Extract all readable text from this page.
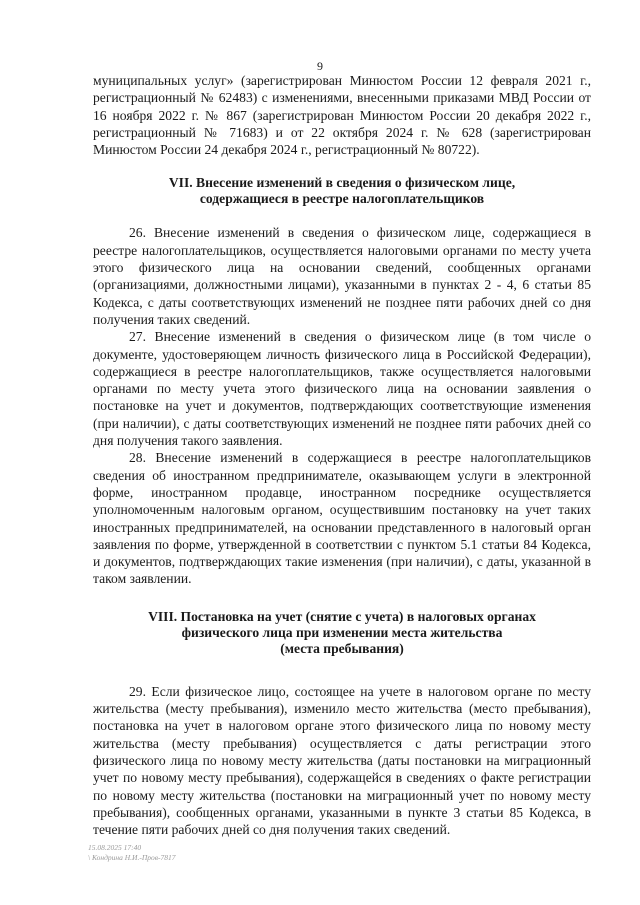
9

муниципальных услуг» (зарегистрирован Минюстом России 12 февраля 2021 г., регистрационный № 62483) с изменениями, внесенными приказами МВД России от 16 ноября 2022 г. № 867 (зарегистрирован Минюстом России 20 декабря 2022 г., регистрационный № 71683) и от 22 октября 2024 г. № 628 (зарегистрирован Минюстом России 24 декабря 2024 г., регистрационный № 80722).

VII. Внесение изменений в сведения о физическом лице,
содержащиеся в реестре налогоплательщиков

26. Внесение изменений в сведения о физическом лице, содержащиеся в реестре налогоплательщиков, осуществляется налоговыми органами по месту учета этого физического лица на основании сведений, сообщенных органами (организациями, должностными лицами), указанными в пунктах 2 - 4, 6 статьи 85 Кодекса, с даты соответствующих изменений не позднее пяти рабочих дней со дня получения таких сведений.

27. Внесение изменений в сведения о физическом лице (в том числе о документе, удостоверяющем личность физического лица в Российской Федерации), содержащиеся в реестре налогоплательщиков, также осуществляется налоговыми органами по месту учета этого физического лица на основании заявления о постановке на учет и документов, подтверждающих соответствующие изменения (при наличии), с даты соответствующих изменений не позднее пяти рабочих дней со дня получения такого заявления.

28. Внесение изменений в содержащиеся в реестре налогоплательщиков сведения об иностранном предпринимателе, оказывающем услуги в электронной форме, иностранном продавце, иностранном посреднике осуществляется уполномоченным налоговым органом, осуществившим постановку на учет таких иностранных предпринимателей, на основании представленного в налоговый орган заявления по форме, утвержденной в соответствии с пунктом 5.1 статьи 84 Кодекса, и документов, подтверждающих такие изменения (при наличии), с даты, указанной в таком заявлении.

VIII. Постановка на учет (снятие с учета) в налоговых органах
физического лица при изменении места жительства
(места пребывания)

29. Если физическое лицо, состоящее на учете в налоговом органе по месту жительства (месту пребывания), изменило место жительства (место пребывания), постановка на учет в налоговом органе этого физического лица по новому месту жительства (месту пребывания) осуществляется с даты регистрации этого физического лица по новому месту жительства (даты постановки на миграционный учет по новому месту пребывания), содержащейся в сведениях о факте регистрации по новому месту жительства (постановки на миграционный учет по новому месту пребывания), сообщенных органами, указанными в пункте 3 статьи 85 Кодекса, в течение пяти рабочих дней со дня получения таких сведений.

15.08.2025 17:40
\ Кондрина Н.И.-Пров-7817
